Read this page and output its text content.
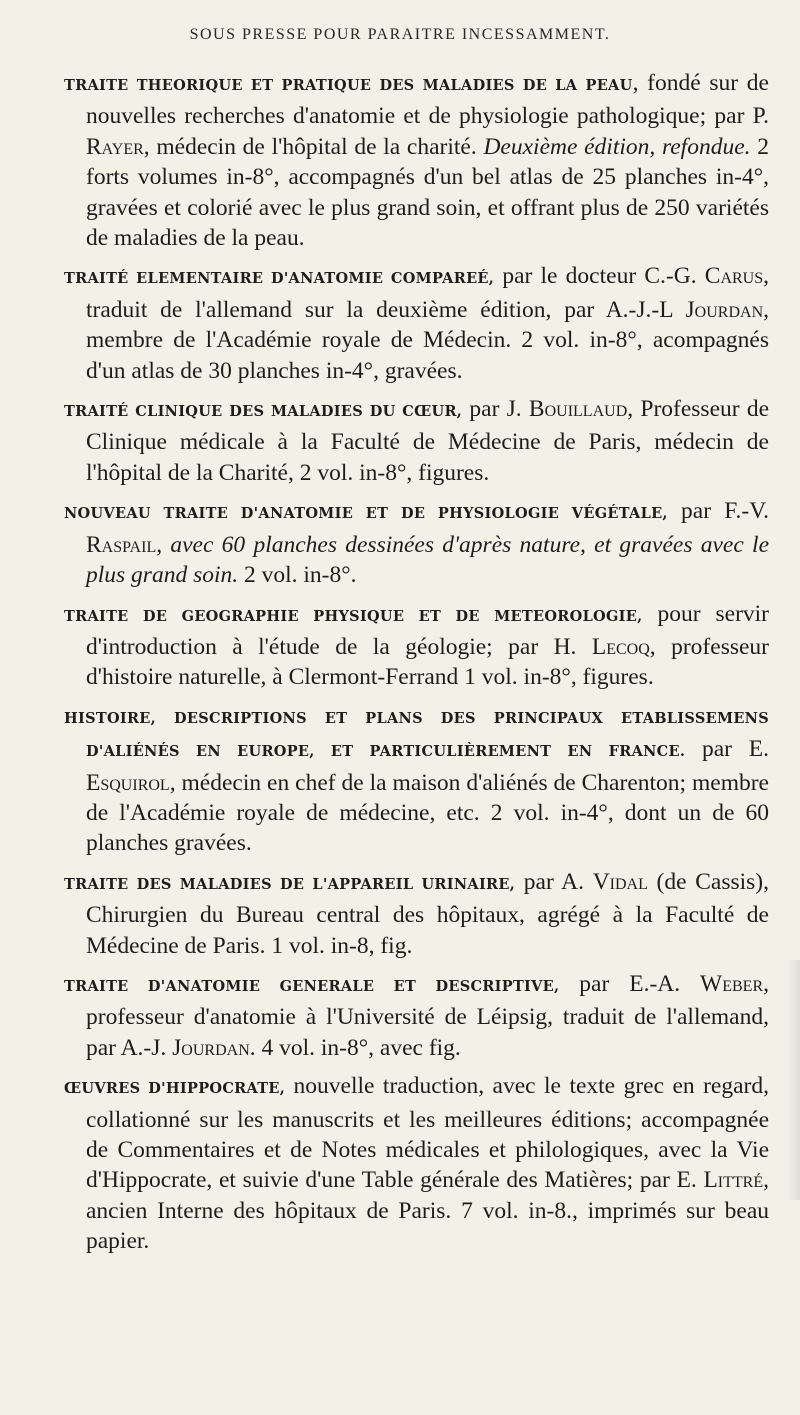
SOUS PRESSE POUR PARAITRE INCESSAMMENT.

TRAITE THEORIQUE ET PRATIQUE DES MALADIES DE LA PEAU, fondé sur de nouvelles recherches d'anatomie et de physiologie pathologique; par P. Rayer, médecin de l'hôpital de la charité. Deuxième édition, refondue. 2 forts volumes in-8°, accompagnés d'un bel atlas de 25 planches in-4°, gravées et colorié avec le plus grand soin, et offrant plus de 250 variétés de maladies de la peau.

TRAITÉ ELEMENTAIRE D'ANATOMIE COMPAREÉ, par le docteur C.-G. Carus, traduit de l'allemand sur la deuxième édition, par A.-J.-L Jourdan, membre de l'Académie royale de Médecin. 2 vol. in-8°, acompagnés d'un atlas de 30 planches in-4°, gravées.

TRAITÉ CLINIQUE DES MALADIES DU CŒUR, par J. Bouillaud, Professeur de Clinique médicale à la Faculté de Médecine de Paris, médecin de l'hôpital de la Charité, 2 vol. in-8°, figures.

NOUVEAU TRAITE D'ANATOMIE ET DE PHYSIOLOGIE VÉGÉTALE, par F.-V. Raspail, avec 60 planches dessinées d'après nature, et gravées avec le plus grand soin. 2 vol. in-8°.

TRAITE DE GEOGRAPHIE PHYSIQUE ET DE METEOROLOGIE, pour servir d'introduction à l'étude de la géologie; par H. Lecoq, professeur d'histoire naturelle, à Clermont-Ferrand 1 vol. in-8°, figures.

HISTOIRE, DESCRIPTIONS ET PLANS DES PRINCIPAUX ETABLISSEMENS D'ALIÉNÉS EN EUROPE, ET PARTICULIÈREMENT EN FRANCE. par E. Esquirol, médecin en chef de la maison d'aliénés de Charenton; membre de l'Académie royale de médecine, etc. 2 vol. in-4°, dont un de 60 planches gravées.

TRAITE DES MALADIES DE L'APPAREIL URINAIRE, par A. Vidal (de Cassis), Chirurgien du Bureau central des hôpitaux, agrégé à la Faculté de Médecine de Paris. 1 vol. in-8, fig.

TRAITE D'ANATOMIE GENERALE ET DESCRIPTIVE, par E.-A. Weber, professeur d'anatomie à l'Université de Léipsig, traduit de l'allemand, par A.-J. Jourdan. 4 vol. in-8°, avec fig.

ŒUVRES D'HIPPOCRATE, nouvelle traduction, avec le texte grec en regard, collationné sur les manuscrits et les meilleures éditions; accompagnée de Commentaires et de Notes médicales et philologiques, avec la Vie d'Hippocrate, et suivie d'une Table générale des Matières; par E. Littré, ancien Interne des hôpitaux de Paris. 7 vol. in-8., imprimés sur beau papier.
